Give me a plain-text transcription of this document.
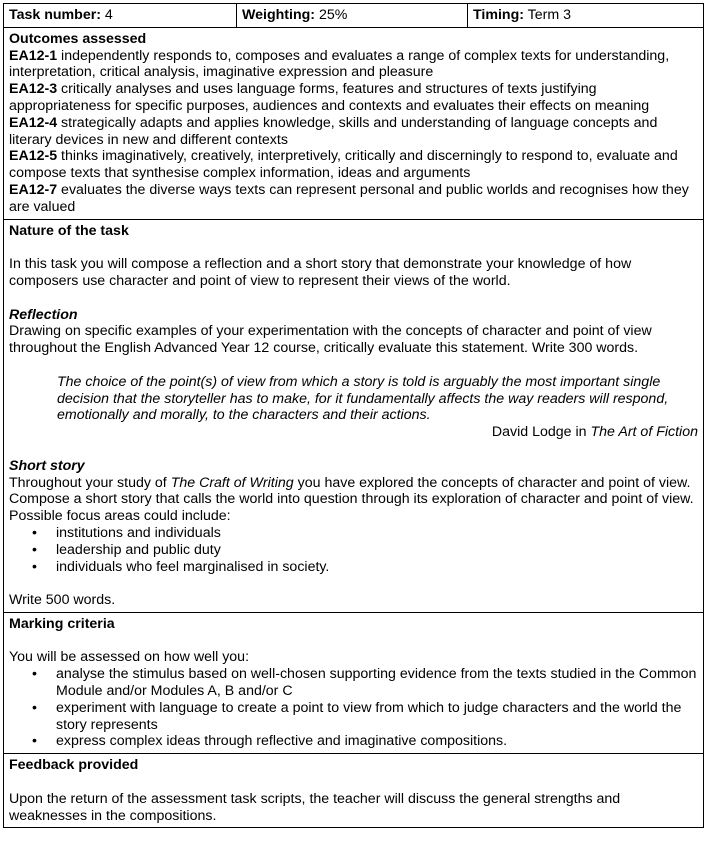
Task number: 4	Weighting: 25%	Timing: Term 3

Outcomes assessed

EA12-1 independently responds to, composes and evaluates a range of complex texts for understanding, interpretation, critical analysis, imaginative expression and pleasure

EA12-3 critically analyses and uses language forms, features and structures of texts justifying appropriateness for specific purposes, audiences and contexts and evaluates their effects on meaning

EA12-4 strategically adapts and applies knowledge, skills and understanding of language concepts and literary devices in new and different contexts

EA12-5 thinks imaginatively, creatively, interpretively, critically and discerningly to respond to, evaluate and compose texts that synthesise complex information, ideas and arguments

EA12-7 evaluates the diverse ways texts can represent personal and public worlds and recognises how they are valued

Nature of the task

In this task you will compose a reflection and a short story that demonstrate your knowledge of how composers use character and point of view to represent their views of the world.

Reflection

Drawing on specific examples of your experimentation with the concepts of character and point of view throughout the English Advanced Year 12 course, critically evaluate this statement. Write 300 words.

The choice of the point(s) of view from which a story is told is arguably the most important single decision that the storyteller has to make, for it fundamentally affects the way readers will respond, emotionally and morally, to the characters and their actions.

David Lodge in The Art of Fiction

Short story

Throughout your study of The Craft of Writing you have explored the concepts of character and point of view. Compose a short story that calls the world into question through its exploration of character and point of view. Possible focus areas could include:

• institutions and individuals
• leadership and public duty
• individuals who feel marginalised in society.

Write 500 words.

Marking criteria

You will be assessed on how well you:

• analyse the stimulus based on well-chosen supporting evidence from the texts studied in the Common Module and/or Modules A, B and/or C
• experiment with language to create a point to view from which to judge characters and the world the story represents
• express complex ideas through reflective and imaginative compositions.

Feedback provided

Upon the return of the assessment task scripts, the teacher will discuss the general strengths and weaknesses in the compositions.
